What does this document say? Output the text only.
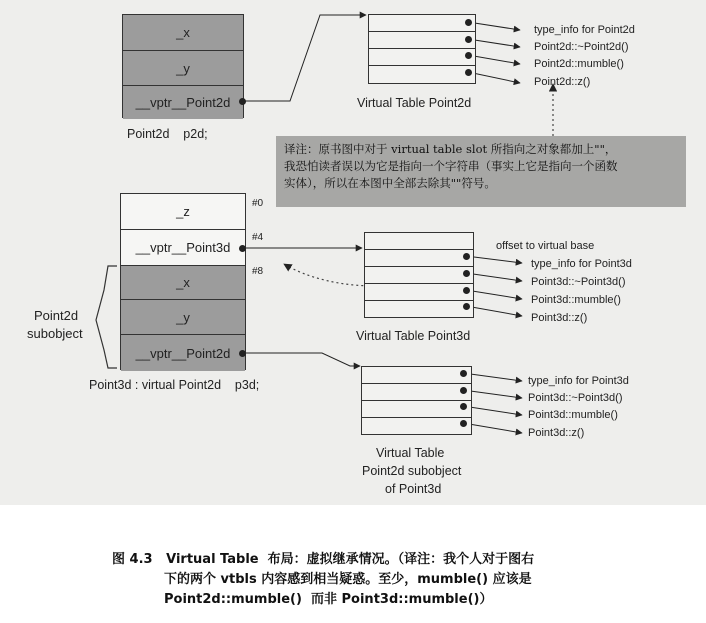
_x
_y
__vptr__Point2d
Point2d    p2d;
type_info for Point2d
Point2d::~Point2d()
Point2d::mumble()
Point2d::z()
Virtual Table Point2d
译注：原书图中对于 virtual table slot 所指向之对象都加上""，
我恐怕读者误以为它是指向一个字符串（事实上它是指向一个函数
实体），所以在本图中全部去除其""符号。
_z
__vptr__Point3d
_x
_y
__vptr__Point2d
#0
#4
#8
Point2d
subobject
Point3d : virtual Point2d    p3d;
offset to virtual base
type_info for Point3d
Point3d::~Point3d()
Point3d::mumble()
Point3d::z()
Virtual Table Point3d
type_info for Point3d
Point3d::~Point3d()
Point3d::mumble()
Point3d::z()
Virtual Table
Point2d subobject
of Point3d
图 4.3   Virtual Table  布局：虚拟继承情况。（译注：我个人对于图右
下的两个 vtbls 内容感到相当疑惑。至少，mumble() 应该是
Point2d::mumble()  而非 Point3d::mumble()）
